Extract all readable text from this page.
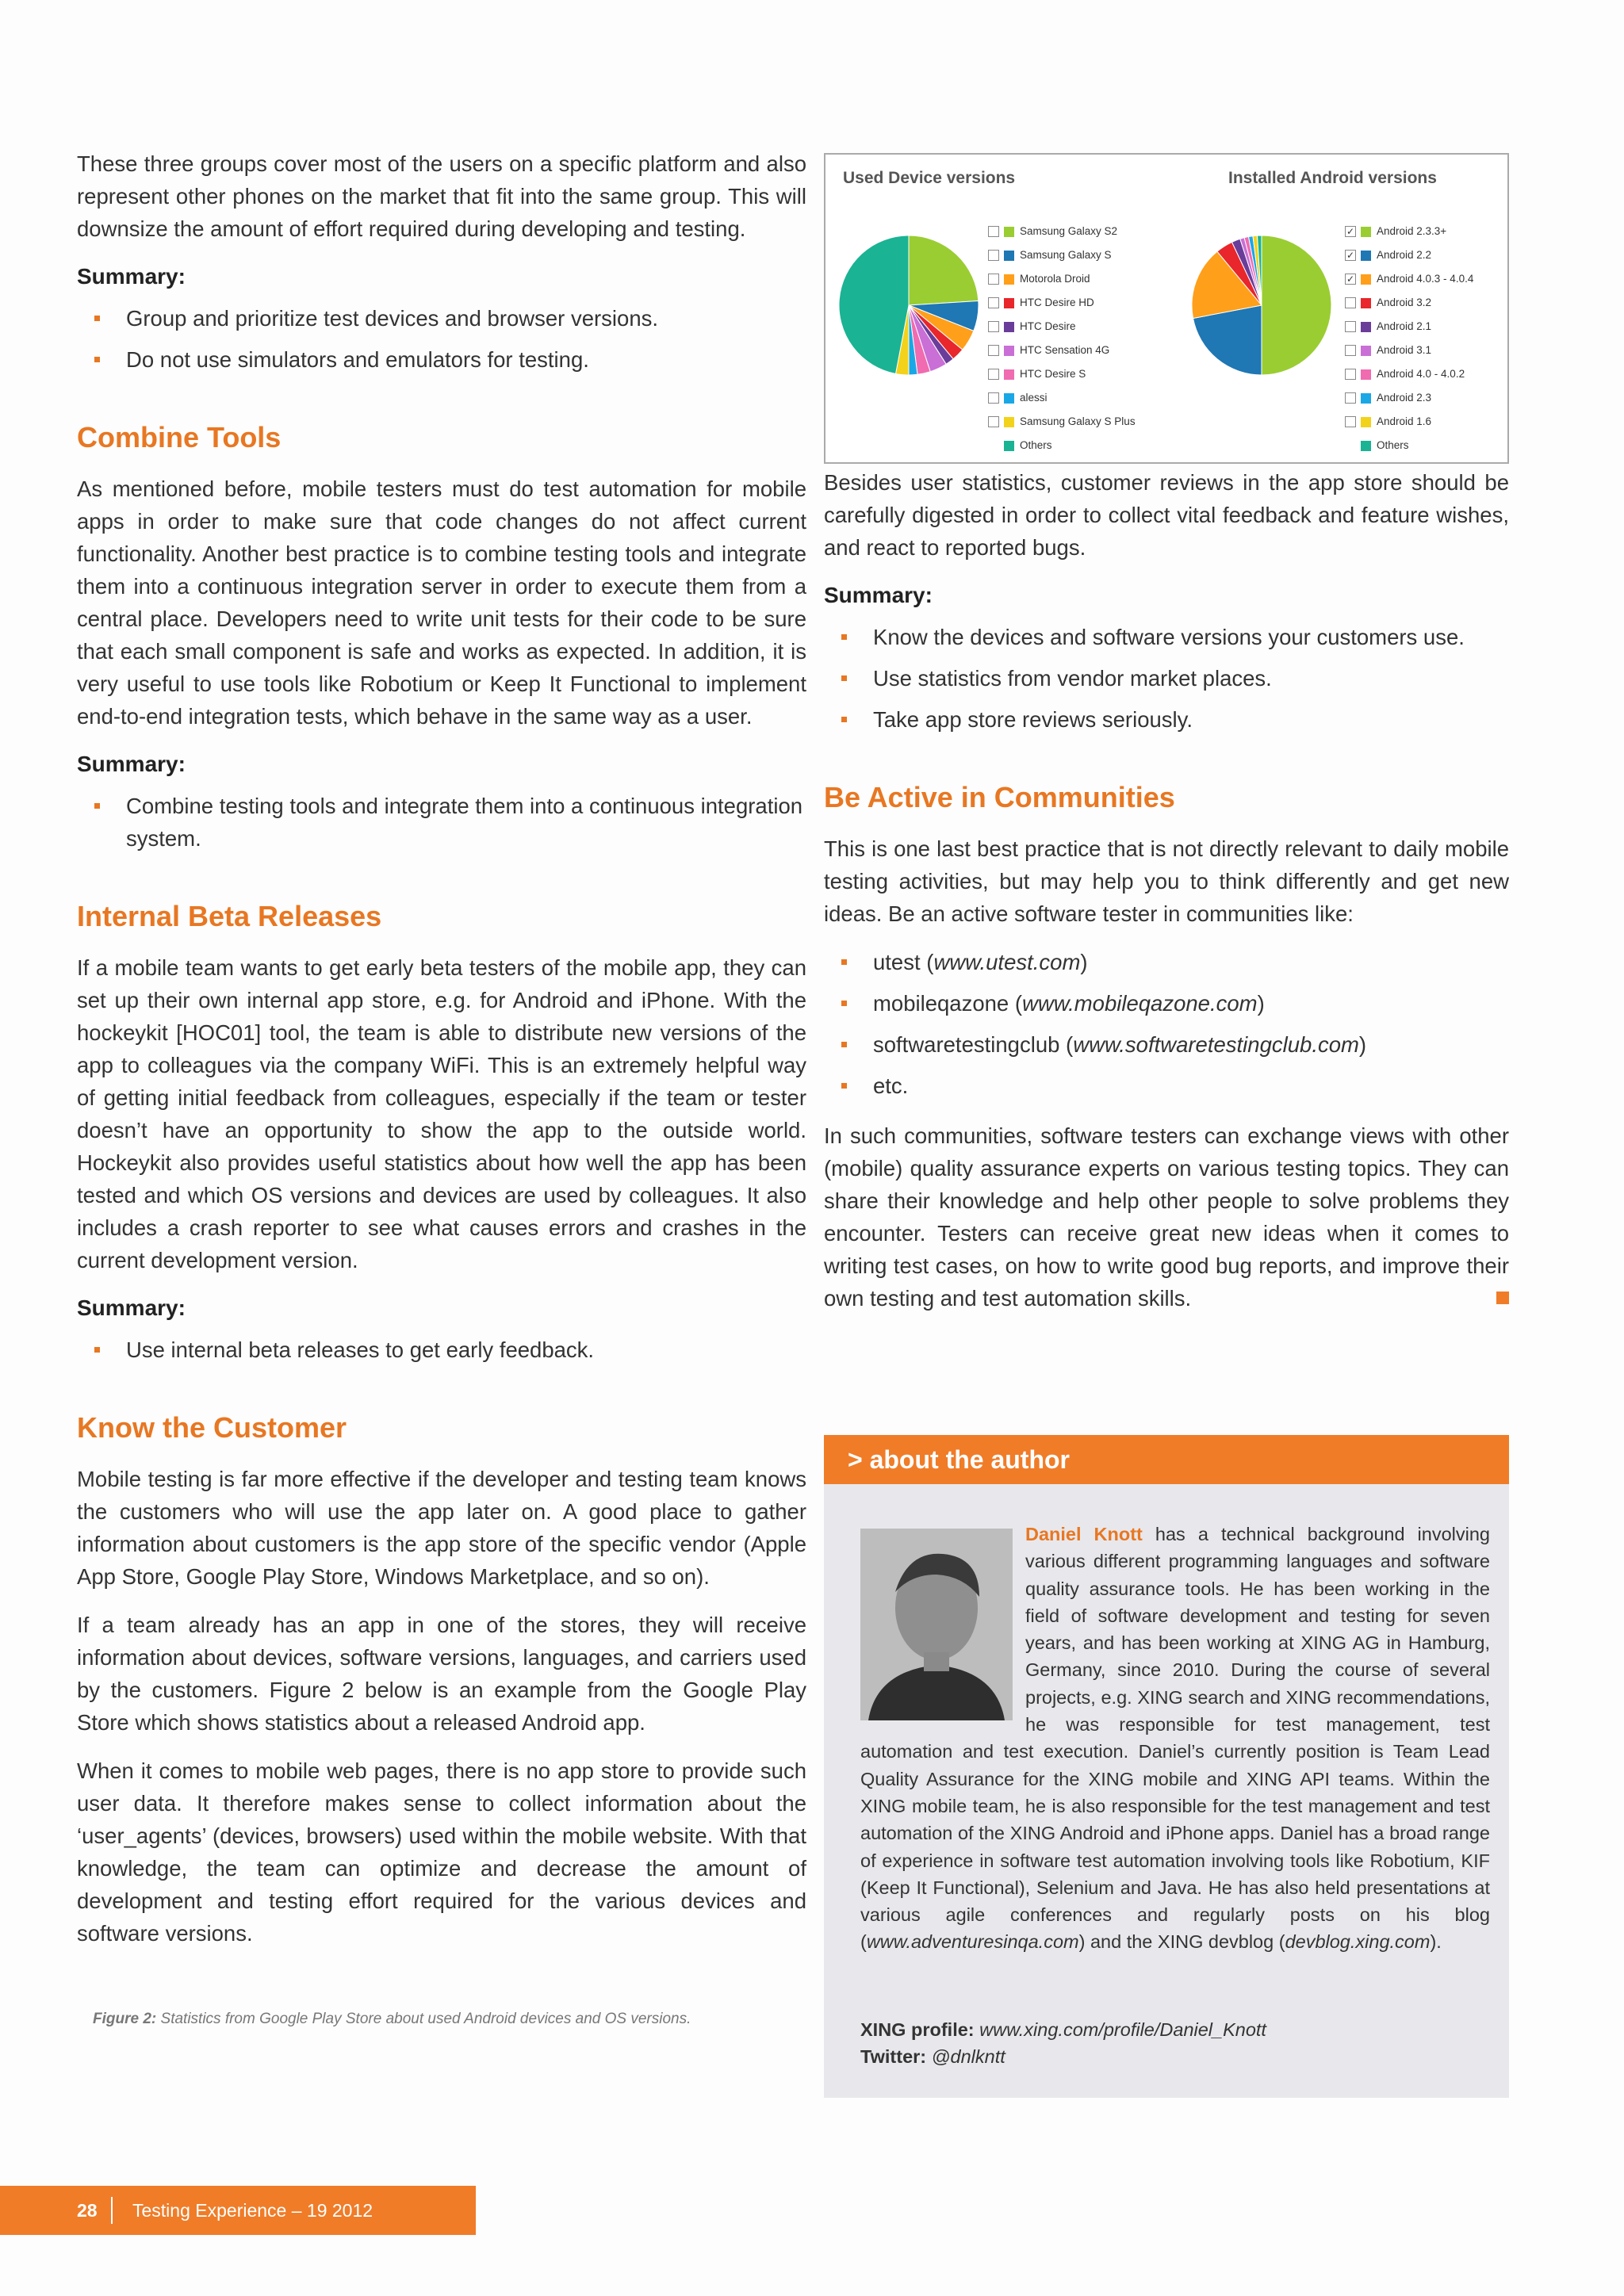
These three groups cover most of the users on a specific platform and also represent other phones on the market that fit into the same group. This will downsize the amount of effort required during developing and testing.

Summary:
Group and prioritize test devices and browser versions.
Do not use simulators and emulators for testing.
Combine Tools

As mentioned before, mobile testers must do test automation for mobile apps in order to make sure that code changes do not affect current functionality. Another best practice is to combine testing tools and integrate them into a continuous integration server in order to execute them from a central place. Developers need to write unit tests for their code to be sure that each small component is safe and works as expected. In addition, it is very useful to use tools like Robotium or Keep It Functional to implement end-to-end integration tests, which behave in the same way as a user.

Summary:
Combine testing tools and integrate them into a continuous integration system.
Internal Beta Releases

If a mobile team wants to get early beta testers of the mobile app, they can set up their own internal app store, e.g. for Android and iPhone. With the hockeykit [HOC01] tool, the team is able to distribute new versions of the app to colleagues via the company WiFi. This is an extremely helpful way of getting initial feedback from colleagues, especially if the team or tester doesn’t have an opportunity to show the app to the outside world. Hockeykit also provides useful statistics about how well the app has been tested and which OS versions and devices are used by colleagues. It also includes a crash reporter to see what causes errors and crashes in the current development version.

Summary:
Use internal beta releases to get early feedback.
Know the Customer

Mobile testing is far more effective if the developer and testing team knows the customers who will use the app later on. A good place to gather information about customers is the app store of the specific vendor (Apple App Store, Google Play Store, Windows Marketplace, and so on).

If a team already has an app in one of the stores, they will receive information about devices, software versions, languages, and carriers used by the customers. Figure 2 below is an example from the Google Play Store which shows statistics about a released Android app.

When it comes to mobile web pages, there is no app store to provide such user data. It therefore makes sense to collect information about the ‘user_agents’ (devices, browsers) used within the mobile website. With that knowledge, the team can optimize and decrease the amount of development and testing effort required for the various devices and software versions.

Figure 2: Statistics from Google Play Store about used Android devices and OS versions.
Used Device versions	Installed Android versions
Samsung Galaxy S2
Samsung Galaxy S
Motorola Droid
HTC Desire HD
HTC Desire
HTC Sensation 4G
HTC Desire S
alessi
Samsung Galaxy S Plus
Others
✓ Android 2.3.3+
✓ Android 2.2
✓ Android 4.0.3 - 4.0.4
Android 3.2
Android 2.1
Android 3.1
Android 4.0 - 4.0.2
Android 2.3
Android 1.6
Others

Besides user statistics, customer reviews in the app store should be carefully digested in order to collect vital feedback and feature wishes, and react to reported bugs.

Summary:
Know the devices and software versions your customers use.
Use statistics from vendor market places.
Take app store reviews seriously.
Be Active in Communities

This is one last best practice that is not directly relevant to daily mobile testing activities, but may help you to think differently and get new ideas. Be an active software tester in communities like:

utest (www.utest.com)
mobileqazone (www.mobileqazone.com)
softwaretestingclub (www.softwaretestingclub.com)
etc.

In such communities, software testers can exchange views with other (mobile) quality assurance experts on various testing topics. They can share their knowledge and help other people to solve problems they encounter. Testers can receive great new ideas when it comes to writing test cases, on how to write good bug reports, and improve their own testing and test automation skills.

> about the author
Daniel Knott has a technical background involving various different programming languages and software quality assurance tools. He has been working in the field of software development and testing for seven years, and has been working at XING AG in Hamburg, Germany, since 2010. During the course of several projects, e.g. XING search and XING recommendations, he was responsible for test management, test automation and test execution. Daniel’s currently position is Team Lead Quality Assurance for the XING mobile and XING API teams. Within the XING mobile team, he is also responsible for the test management and test automation of the XING Android and iPhone apps. Daniel has a broad range of experience in software test automation involving tools like Robotium, KIF (Keep It Functional), Selenium and Java. He has also held presentations at various agile conferences and regularly posts on his blog (www.adventuresinqa.com) and the XING devblog (devblog.xing.com).
XING profile: www.xing.com/profile/Daniel_Knott
Twitter: @dnlkntt
28 Testing Experience – 19 2012
